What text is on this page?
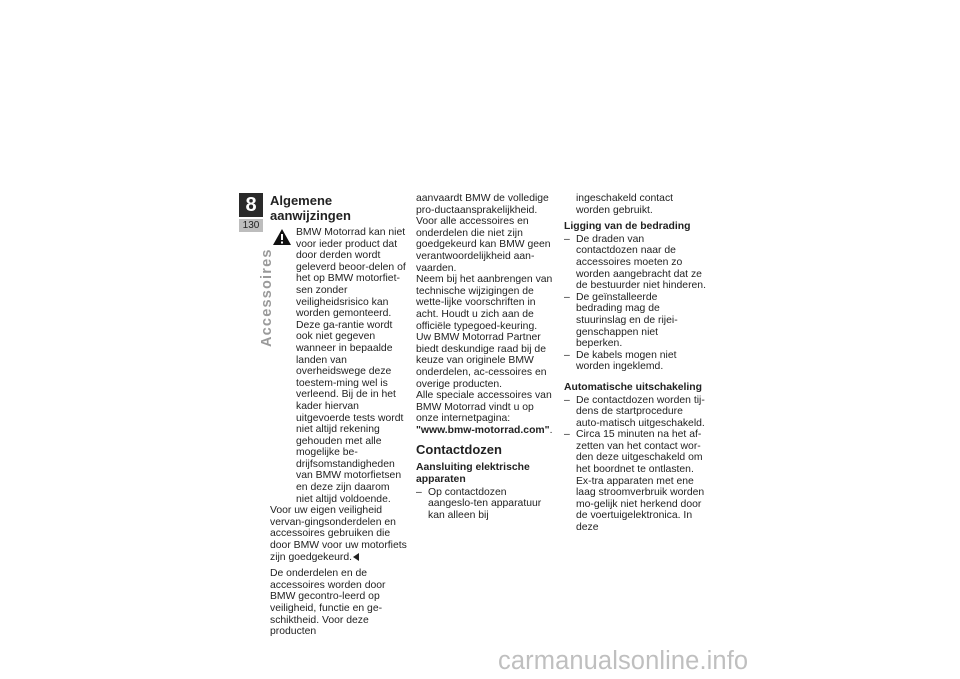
8
130
Accessoires
Algemene aanwijzingen

BMW Motorrad kan niet voor ieder product dat door derden wordt geleverd beoor-delen of het op BMW motorfiet-sen zonder veiligheidsrisico kan worden gemonteerd. Deze ga-rantie wordt ook niet gegeven wanneer in bepaalde landen van overheidswege deze toestem-ming wel is verleend. Bij de in het kader hiervan uitgevoerde tests wordt niet altijd rekening gehouden met alle mogelijke be-drijfsomstandigheden van BMW motorfietsen en deze zijn daarom niet altijd voldoende.

Voor uw eigen veiligheid vervan-gingsonderdelen en accessoires gebruiken die door BMW voor uw motorfiets zijn goedgekeurd.

De onderdelen en de accessoires worden door BMW gecontro-leerd op veiligheid, functie en ge-schiktheid. Voor deze producten

aanvaardt BMW de volledige pro-ductaansprakelijkheid. Voor alle accessoires en onderdelen die niet zijn goedgekeurd kan BMW geen verantwoordelijkheid aan-vaarden.

Neem bij het aanbrengen van technische wijzigingen de wette-lijke voorschriften in acht. Houdt u zich aan de officiële typegoed-keuring.

Uw BMW Motorrad Partner biedt deskundige raad bij de keuze van originele BMW onderdelen, ac-cessoires en overige producten.

Alle speciale accessoires van BMW Motorrad vindt u op onze internetpagina: "www.bmw-motorrad.com".

Contactdozen
Aansluiting elektrische apparaten
– Op contactdozen aangeslo-ten apparatuur kan alleen bij

ingeschakeld contact worden gebruikt.

Ligging van de bedrading
– De draden van contactdozen naar de accessoires moeten zo worden aangebracht dat ze de bestuurder niet hinderen.
– De geïnstalleerde bedrading mag de stuurinslag en de rijei-genschappen niet beperken.
– De kabels mogen niet worden ingeklemd.
Automatische uitschakeling
– De contactdozen worden tij-dens de startprocedure auto-matisch uitgeschakeld.
– Circa 15 minuten na het af-zetten van het contact wor-den deze uitgeschakeld om het boordnet te ontlasten. Ex-tra apparaten met ene laag stroomverbruik worden mo-gelijk niet herkend door de voertuigelektronica. In deze
carmanualsonline.info
